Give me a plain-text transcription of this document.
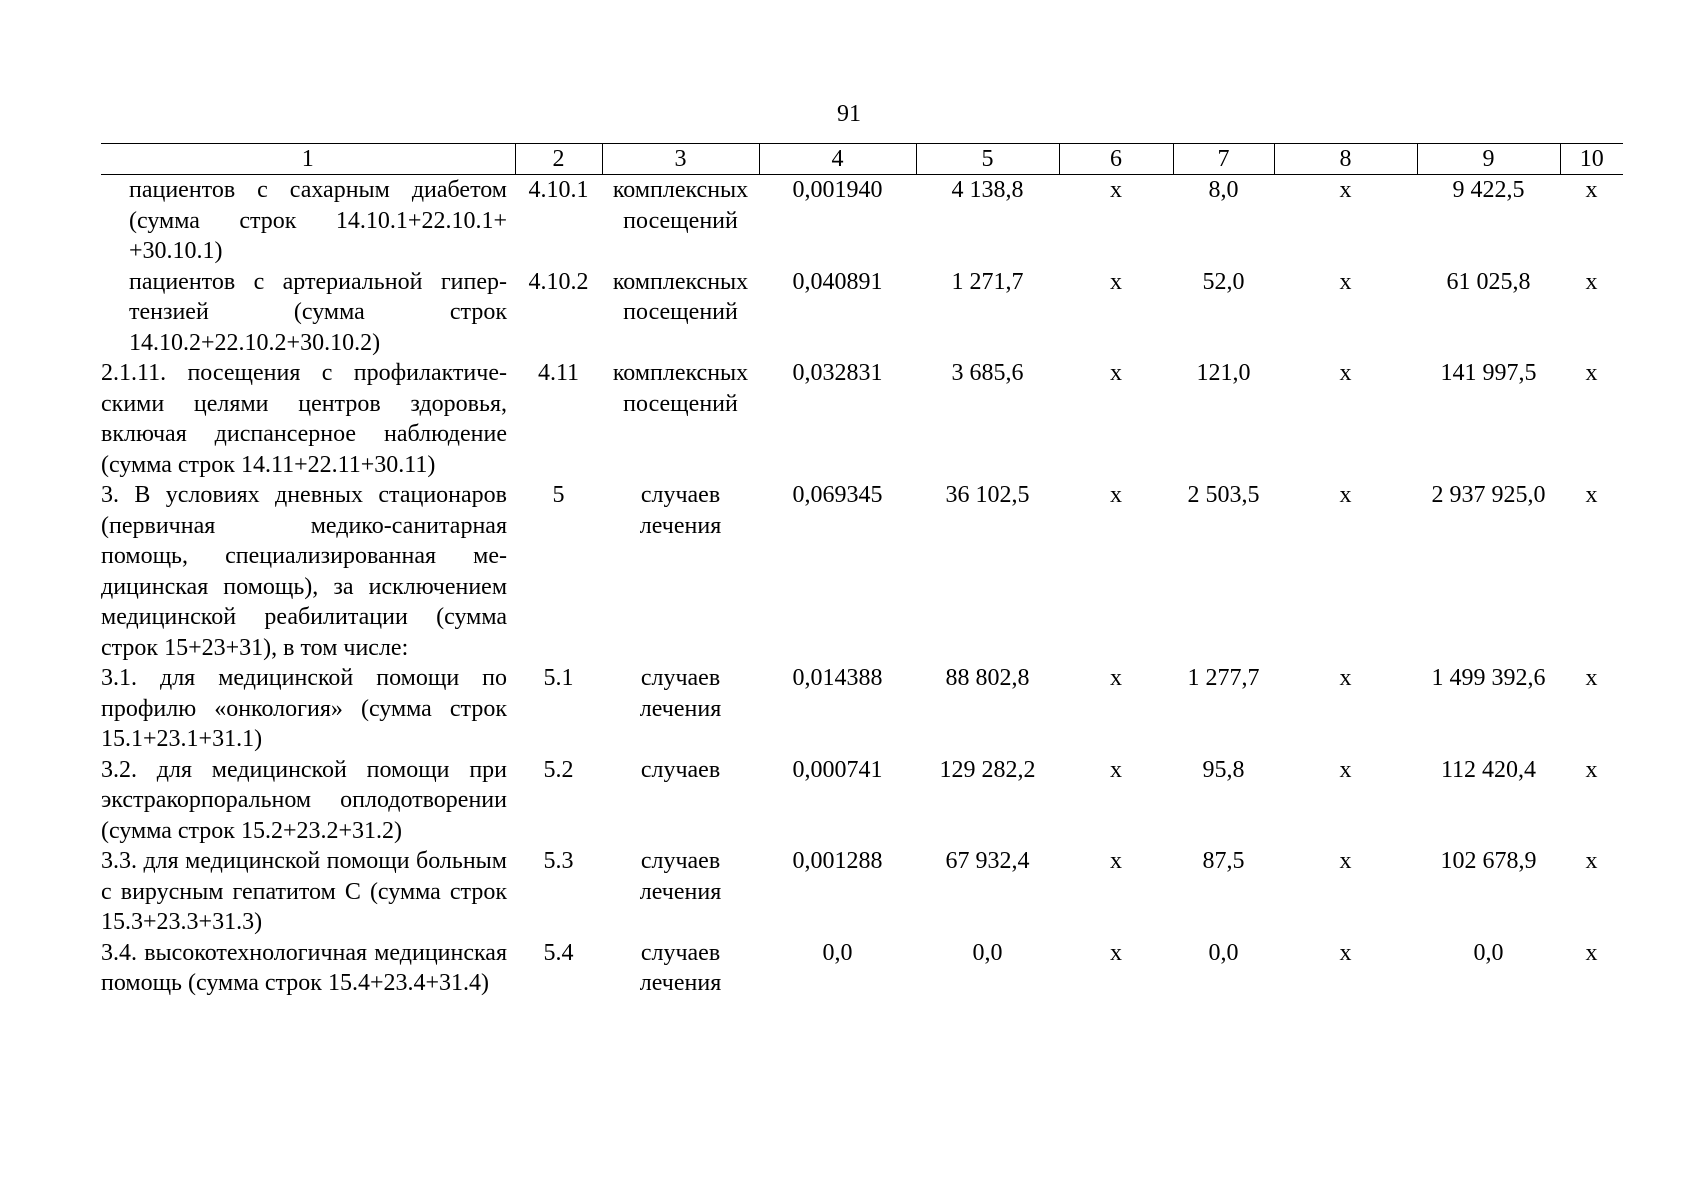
91
1	2	3	4	5	6	7	8	9	10
пациентов с сахарным диабетом (сумма строк 14.10.1+22.10.1+ +30.10.1)	4.10.1	комплексных посещений	0,001940	4 138,8	х	8,0	х	9 422,5	х
пациентов с артериальной гипертензией (сумма строк 14.10.2+22.10.2+30.10.2)	4.10.2	комплексных посещений	0,040891	1 271,7	х	52,0	х	61 025,8	х
2.1.11. посещения с профилактическими целями центров здоровья, включая диспансерное наблюдение (сумма строк 14.11+22.11+30.11)	4.11	комплексных посещений	0,032831	3 685,6	х	121,0	х	141 997,5	х
3. В условиях дневных стационаров (первичная медико-санитарная помощь, специализированная медицинская помощь), за исключением медицинской реабилитации (сумма строк 15+23+31), в том числе:	5	случаев лечения	0,069345	36 102,5	х	2 503,5	х	2 937 925,0	х
3.1. для медицинской помощи по профилю «онкология» (сумма строк 15.1+23.1+31.1)	5.1	случаев лечения	0,014388	88 802,8	х	1 277,7	х	1 499 392,6	х
3.2. для медицинской помощи при экстракорпоральном оплодотворении (сумма строк 15.2+23.2+31.2)	5.2	случаев	0,000741	129 282,2	х	95,8	х	112 420,4	х
3.3. для медицинской помощи больным с вирусным гепатитом С (сумма строк 15.3+23.3+31.3)	5.3	случаев лечения	0,001288	67 932,4	х	87,5	х	102 678,9	х
3.4. высокотехнологичная медицинская помощь (сумма строк 15.4+23.4+31.4)	5.4	случаев лечения	0,0	0,0	х	0,0	х	0,0	х
